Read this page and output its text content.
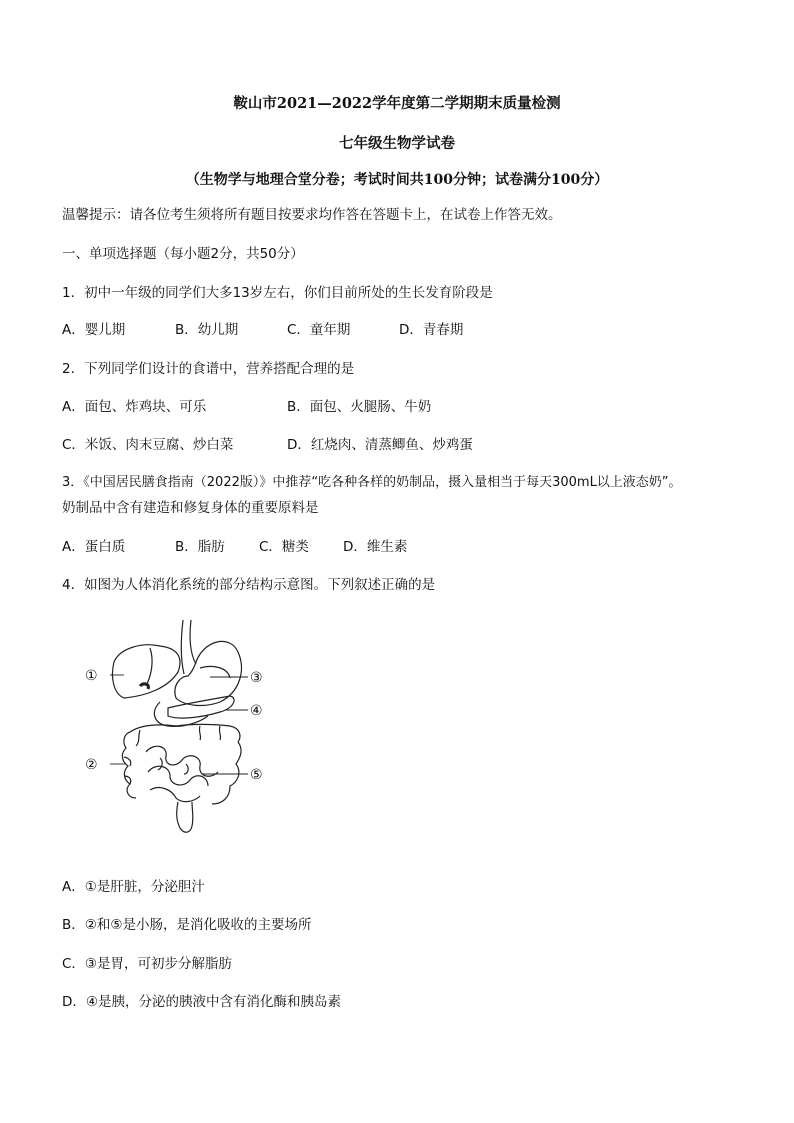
鞍山市2021—2022学年度第二学期期末质量检测
七年级生物学试卷
（生物学与地理合堂分卷；考试时间共100分钟；试卷满分100分）
温馨提示：请各位考生须将所有题目按要求均作答在答题卡上，在试卷上作答无效。
一、单项选择题（每小题2分，共50分）
1．初中一年级的同学们大多13岁左右，你们目前所处的生长发育阶段是
A．婴儿期	B．幼儿期	C．童年期	D．青春期
2．下列同学们设计的食谱中，营养搭配合理的是
A．面包、炸鸡块、可乐	B．面包、火腿肠、牛奶
C．米饭、肉末豆腐、炒白菜	D．红烧肉、清蒸鲫鱼、炒鸡蛋
3．《中国居民膳食指南（2022版）》中推荐“吃各种各样的奶制品，摄入量相当于每天300mL以上液态奶”。
奶制品中含有建造和修复身体的重要原料是
A．蛋白质	B．脂肪	C．糖类	D．维生素
4．如图为人体消化系统的部分结构示意图。下列叙述正确的是
①
②
③
④
⑤
A．①是肝脏，分泌胆汁
B．②和⑤是小肠，是消化吸收的主要场所
C．③是胃，可初步分解脂肪
D．④是胰，分泌的胰液中含有消化酶和胰岛素
